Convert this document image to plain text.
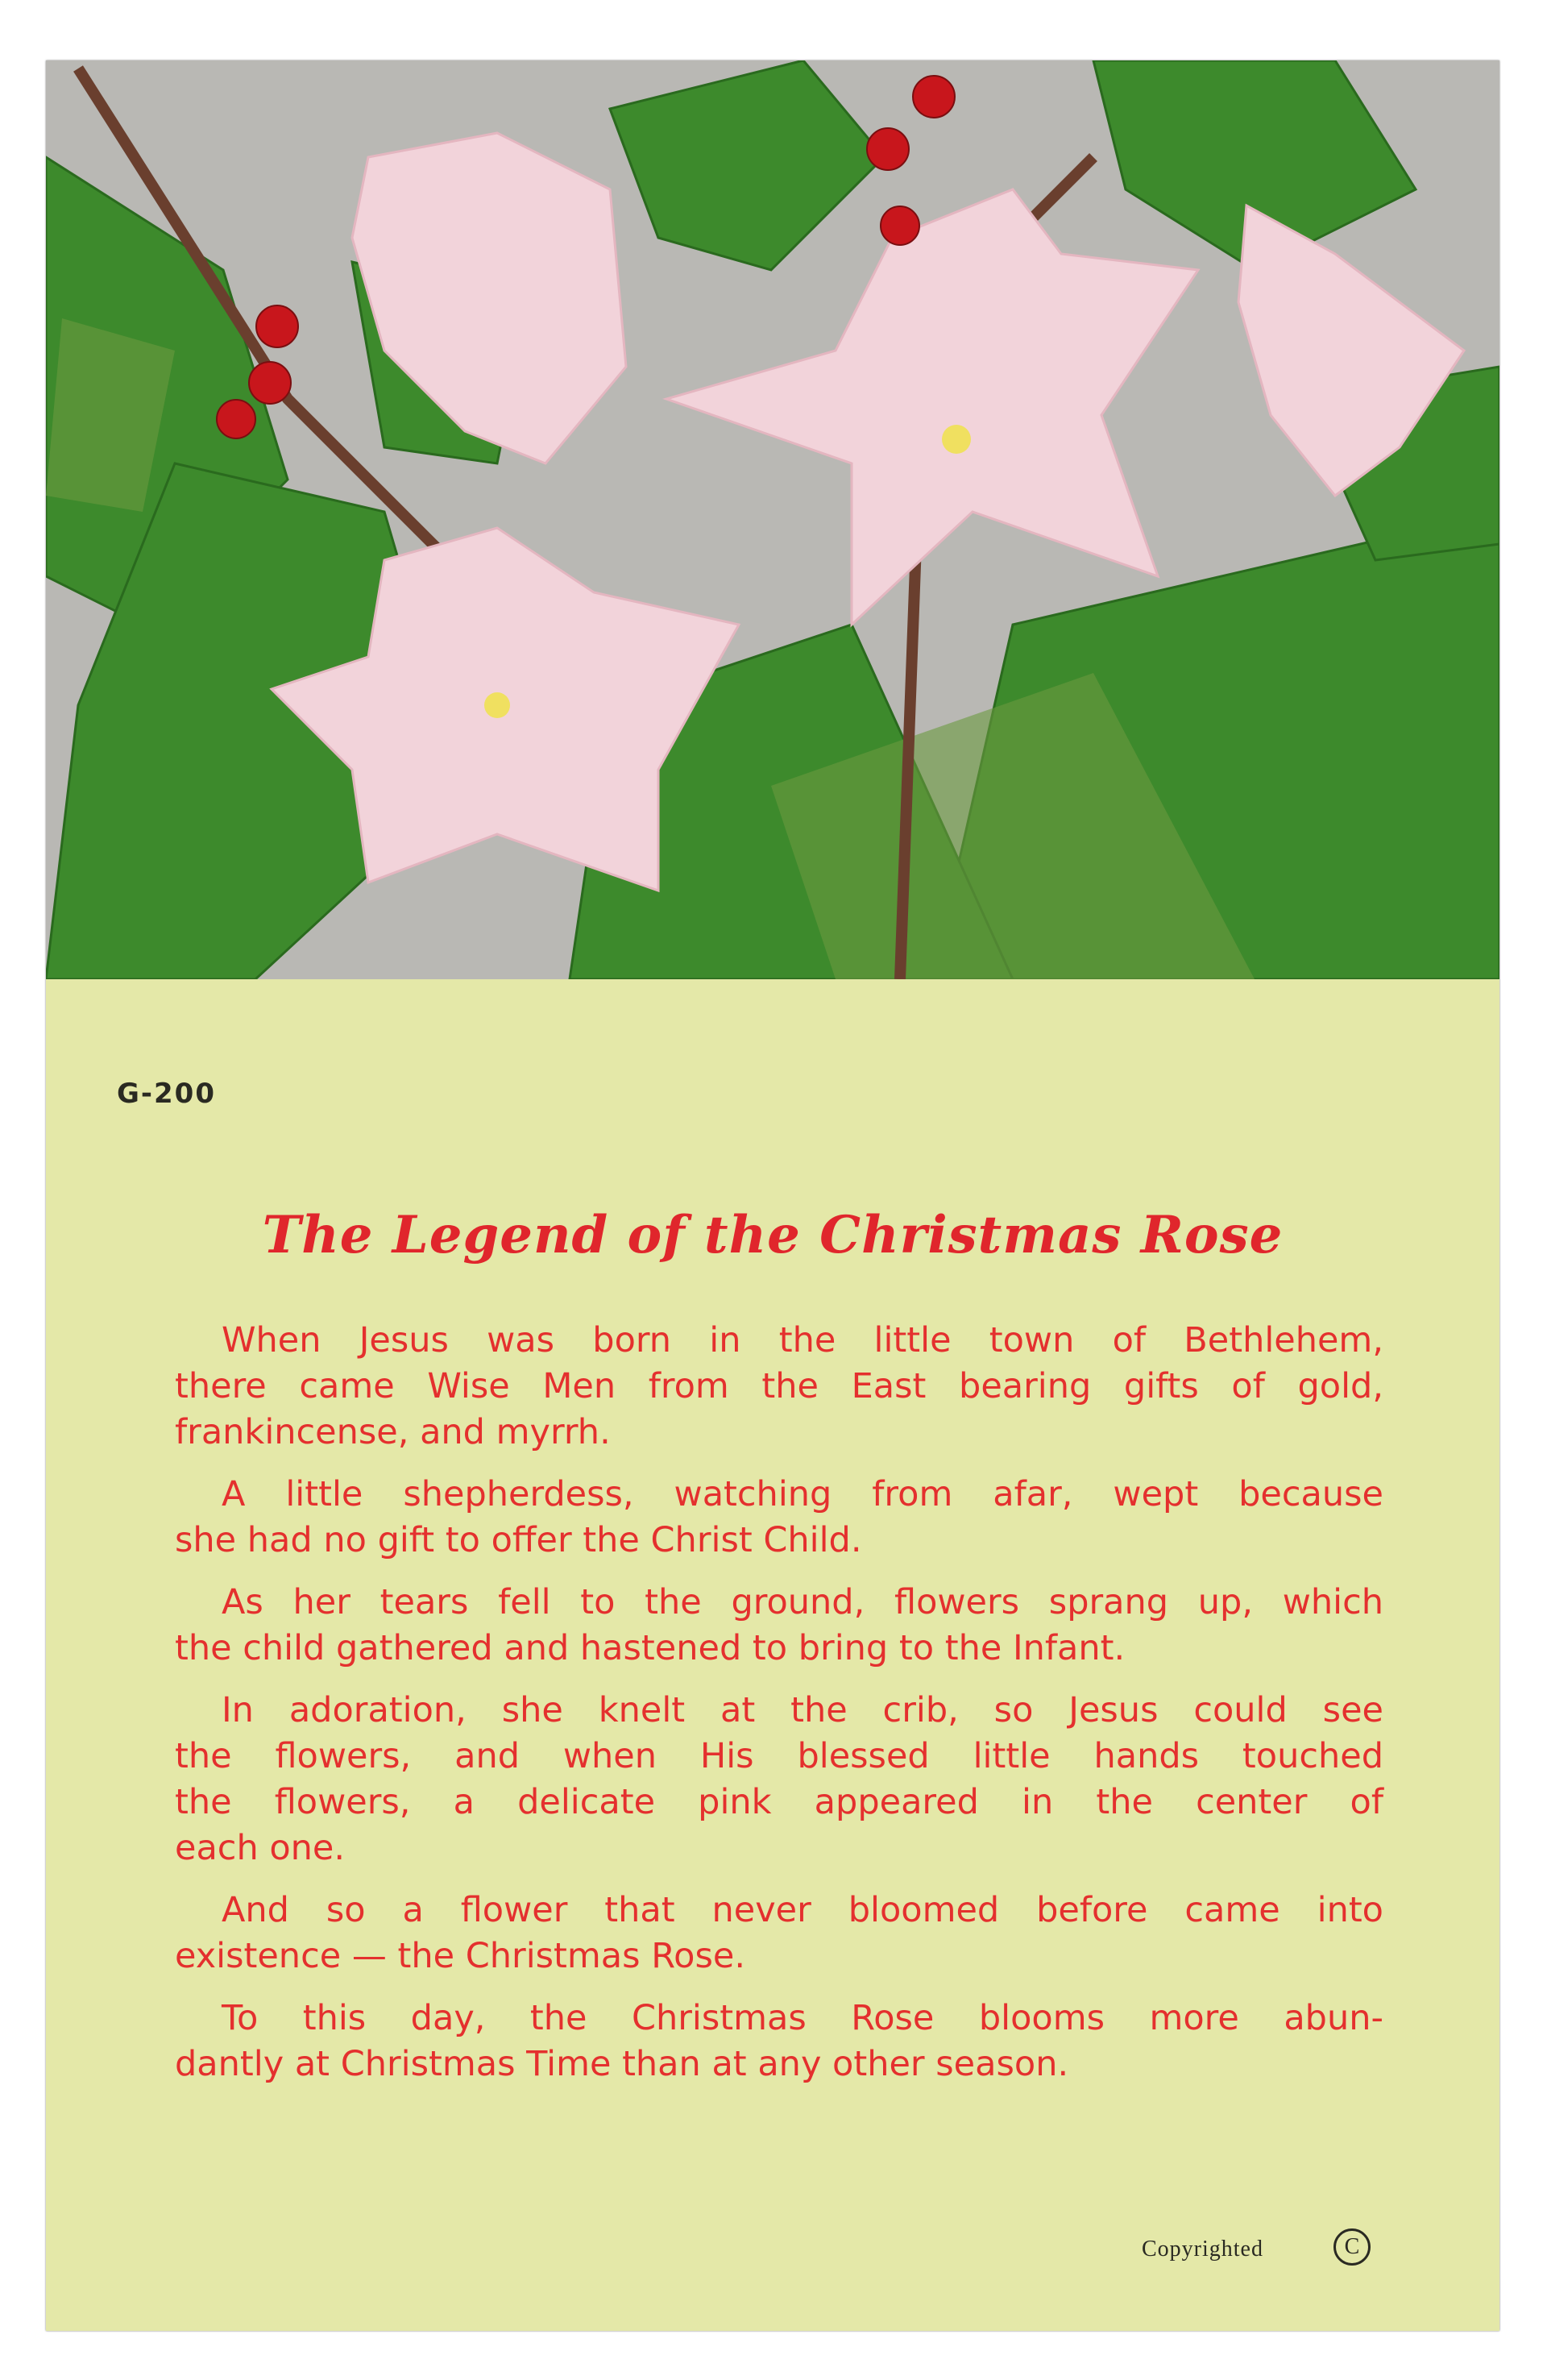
G-200
The Legend of the Christmas Rose
When Jesus was born in the little town of Bethlehem,
there came Wise Men from the East bearing gifts of gold,
frankincense, and myrrh.
A little shepherdess, watching from afar, wept because
she had no gift to offer the Christ Child.
As her tears fell to the ground, flowers sprang up, which
the child gathered and hastened to bring to the Infant.
In adoration, she knelt at the crib, so Jesus could see
the flowers, and when His blessed little hands touched
the flowers, a delicate pink appeared in the center of
each one.
And so a flower that never bloomed before came into
existence — the Christmas Rose.
To this day, the Christmas Rose blooms more abun-
dantly at Christmas Time than at any other season.
Copyrighted	C
